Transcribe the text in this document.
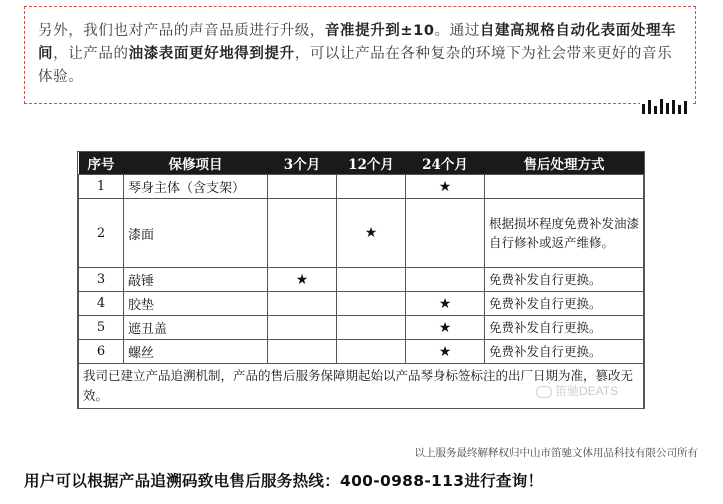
另外，我们也对产品的声音品质进行升级，音准提升到±10。通过自建高规格自动化表面处理车间，让产品的油漆表面更好地得到提升，可以让产品在各种复杂的环境下为社会带来更好的音乐体验。
序号	保修项目	3个月	12个月	24个月	售后处理方式
1	琴身主体（含支架）			★	
2	漆面		★		根据损坏程度免费补发油漆自行修补或返产维修。
3	敲锤	★			免费补发自行更换。
4	胶垫			★	免费补发自行更换。
5	遮丑盖			★	免费补发自行更换。
6	螺丝			★	免费补发自行更换。
我司已建立产品追溯机制，产品的售后服务保障期起始以产品琴身标签标注的出厂日期为准，篡改无效。						笛驰DEATS
以上服务最终解释权归中山市笛驰文体用品科技有限公司所有
用户可以根据产品追溯码致电售后服务热线：400-0988-113进行查询！
